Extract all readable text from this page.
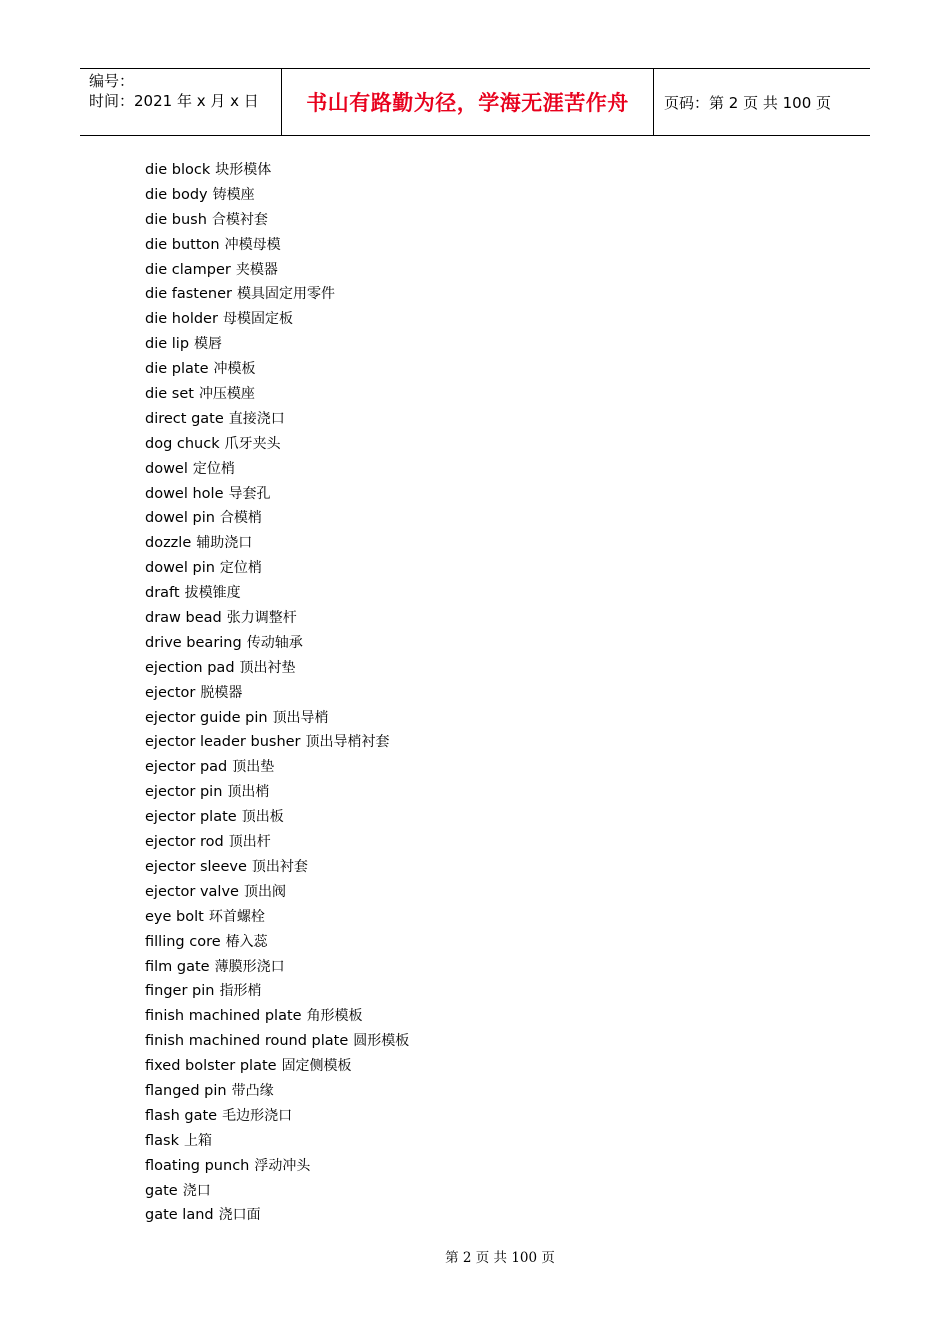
编号：
时间：2021 年 x 月 x 日	书山有路勤为径，学海无涯苦作舟 页码：第 2 页 共 100 页
die block 块形模体
die body 铸模座
die bush 合模衬套
die button 冲模母模
die clamper 夹模器
die fastener 模具固定用零件
die holder 母模固定板
die lip 模唇
die plate 冲模板
die set 冲压模座
direct gate 直接浇口
dog chuck 爪牙夹头
dowel 定位梢
dowel hole 导套孔
dowel pin 合模梢
dozzle 辅助浇口
dowel pin 定位梢
draft 拔模锥度
draw bead 张力调整杆
drive bearing 传动轴承
ejection pad 顶出衬垫
ejector 脱模器
ejector guide pin 顶出导梢
ejector leader busher 顶出导梢衬套
ejector pad 顶出垫
ejector pin 顶出梢
ejector plate 顶出板
ejector rod 顶出杆
ejector sleeve 顶出衬套
ejector valve 顶出阀
eye bolt 环首螺栓
filling core 椿入蕊
film gate 薄膜形浇口
finger pin 指形梢
finish machined plate 角形模板
finish machined round plate 圆形模板
fixed bolster plate 固定侧模板
flanged pin 带凸缘
flash gate 毛边形浇口
flask 上箱
floating punch 浮动冲头
gate 浇口
gate land 浇口面
第 2 页 共 100 页
